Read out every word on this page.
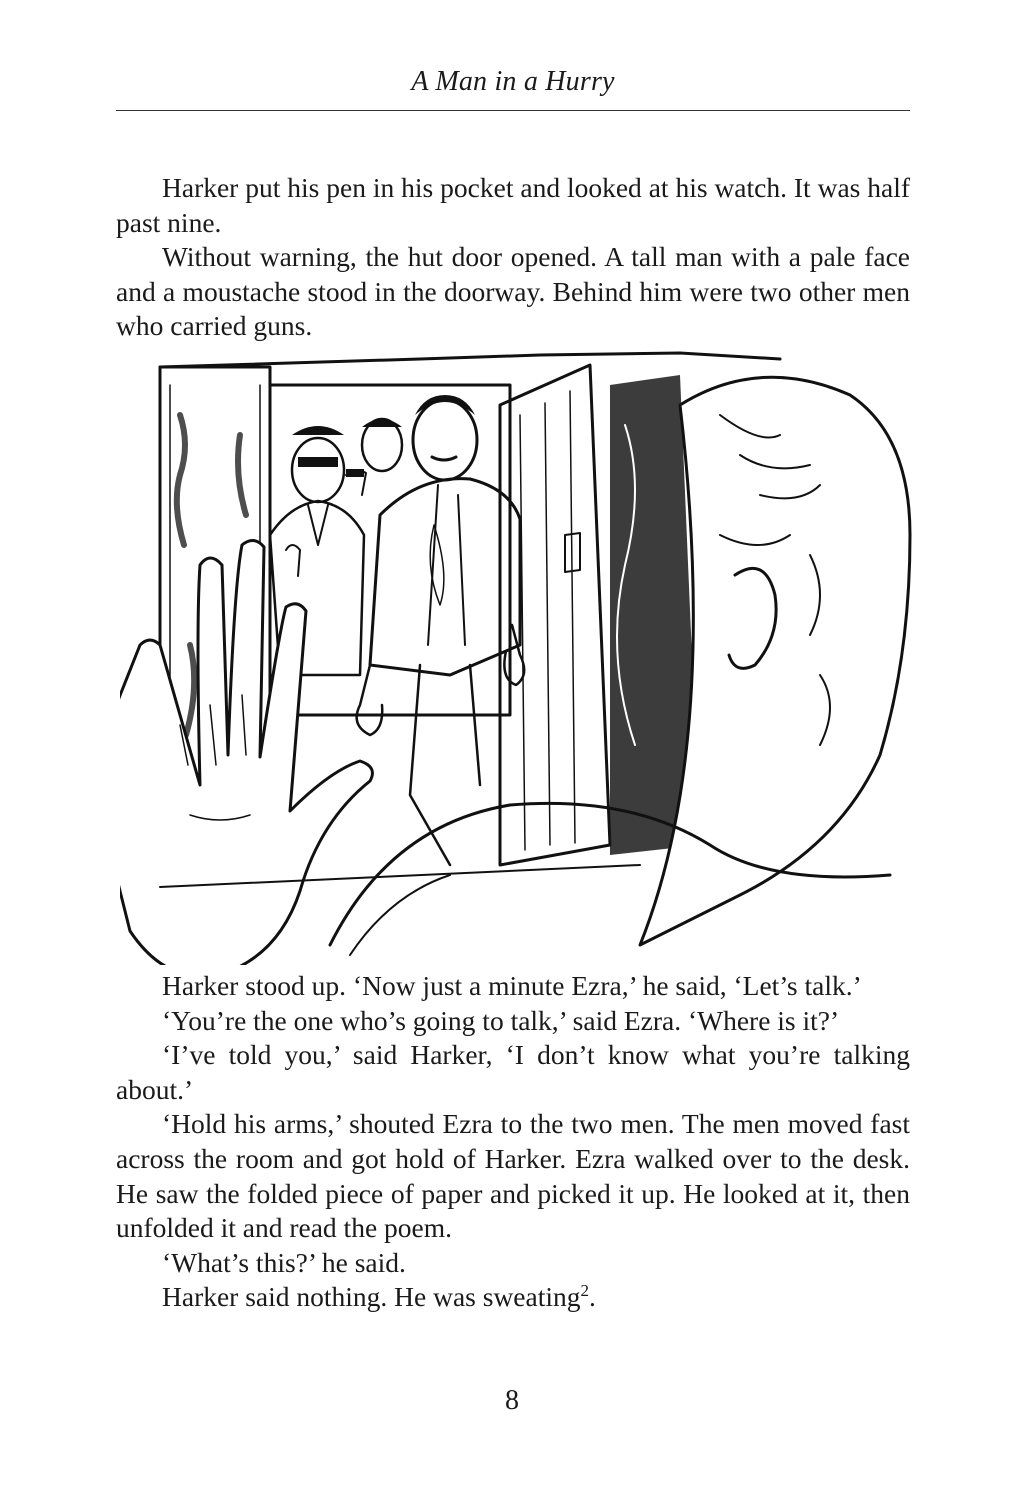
A Man in a Hurry

Harker put his pen in his pocket and looked at his watch. It was half past nine.

Without warning, the hut door opened. A tall man with a pale face and a moustache stood in the doorway. Behind him were two other men who carried guns.

Harker stood up. ‘Now just a minute Ezra,’ he said, ‘Let’s talk.’

‘You’re the one who’s going to talk,’ said Ezra. ‘Where is it?’

‘I’ve told you,’ said Harker, ‘I don’t know what you’re talking about.’

‘Hold his arms,’ shouted Ezra to the two men. The men moved fast across the room and got hold of Harker. Ezra walked over to the desk. He saw the folded piece of paper and picked it up. He looked at it, then unfolded it and read the poem.

‘What’s this?’ he said.

Harker said nothing. He was sweating$^2$.

8
